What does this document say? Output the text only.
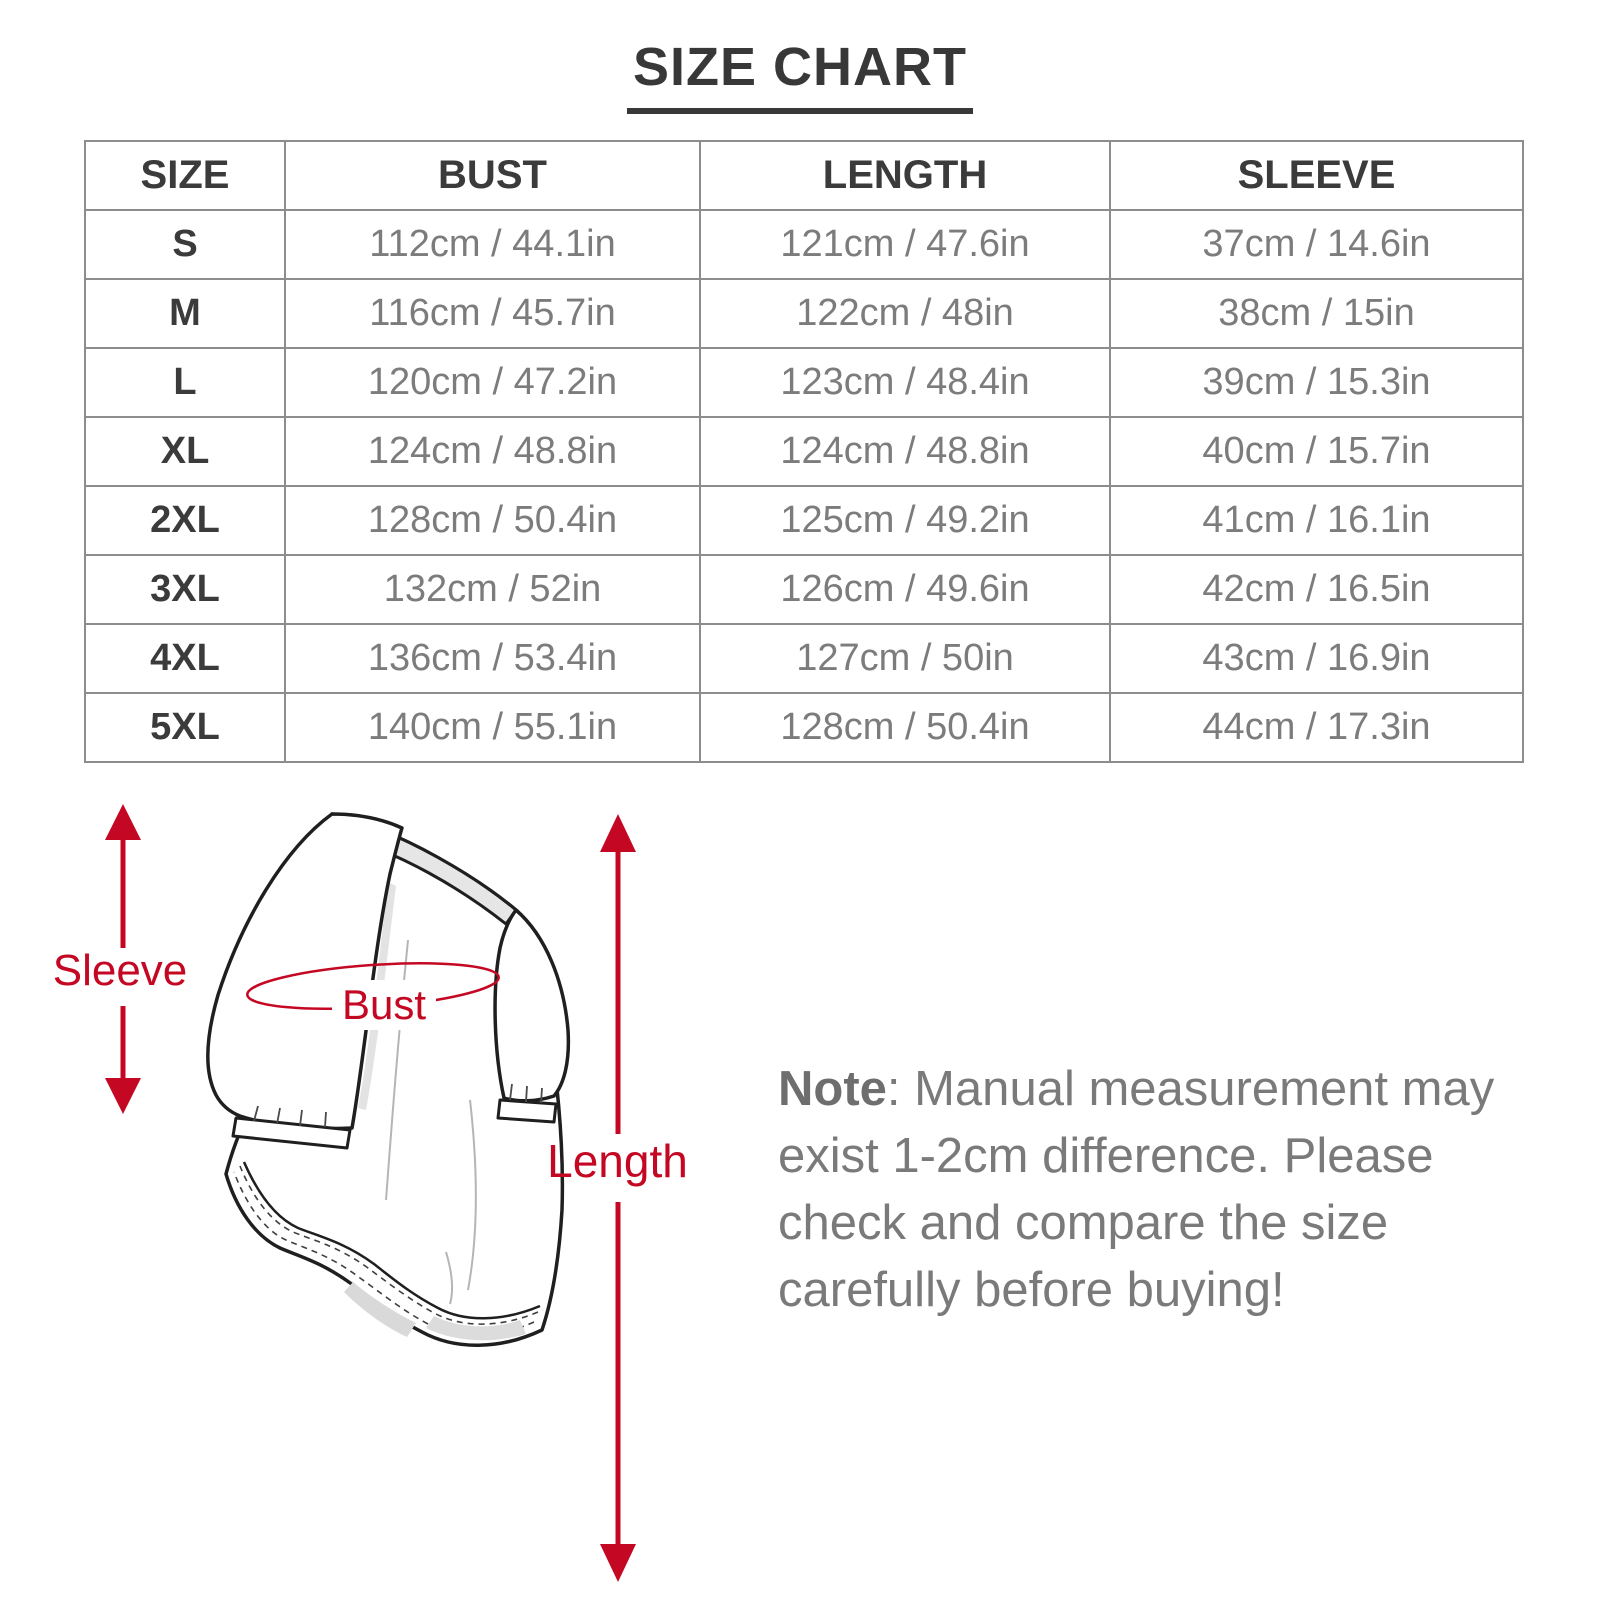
SIZE CHART
SIZE	BUST	LENGTH	SLEEVE
S	112cm / 44.1in	121cm / 47.6in	37cm / 14.6in
M	116cm / 45.7in	122cm / 48in	38cm / 15in
L	120cm / 47.2in	123cm / 48.4in	39cm / 15.3in
XL	124cm / 48.8in	124cm / 48.8in	40cm / 15.7in
2XL	128cm / 50.4in	125cm / 49.2in	41cm / 16.1in
3XL	132cm / 52in	126cm / 49.6in	42cm / 16.5in
4XL	136cm / 53.4in	127cm / 50in	43cm / 16.9in
5XL	140cm / 55.1in	128cm / 50.4in	44cm / 17.3in
Sleeve
Length
Bust
Note: Manual measurement may
exist 1-2cm difference. Please
check and compare the size
carefully before buying!
